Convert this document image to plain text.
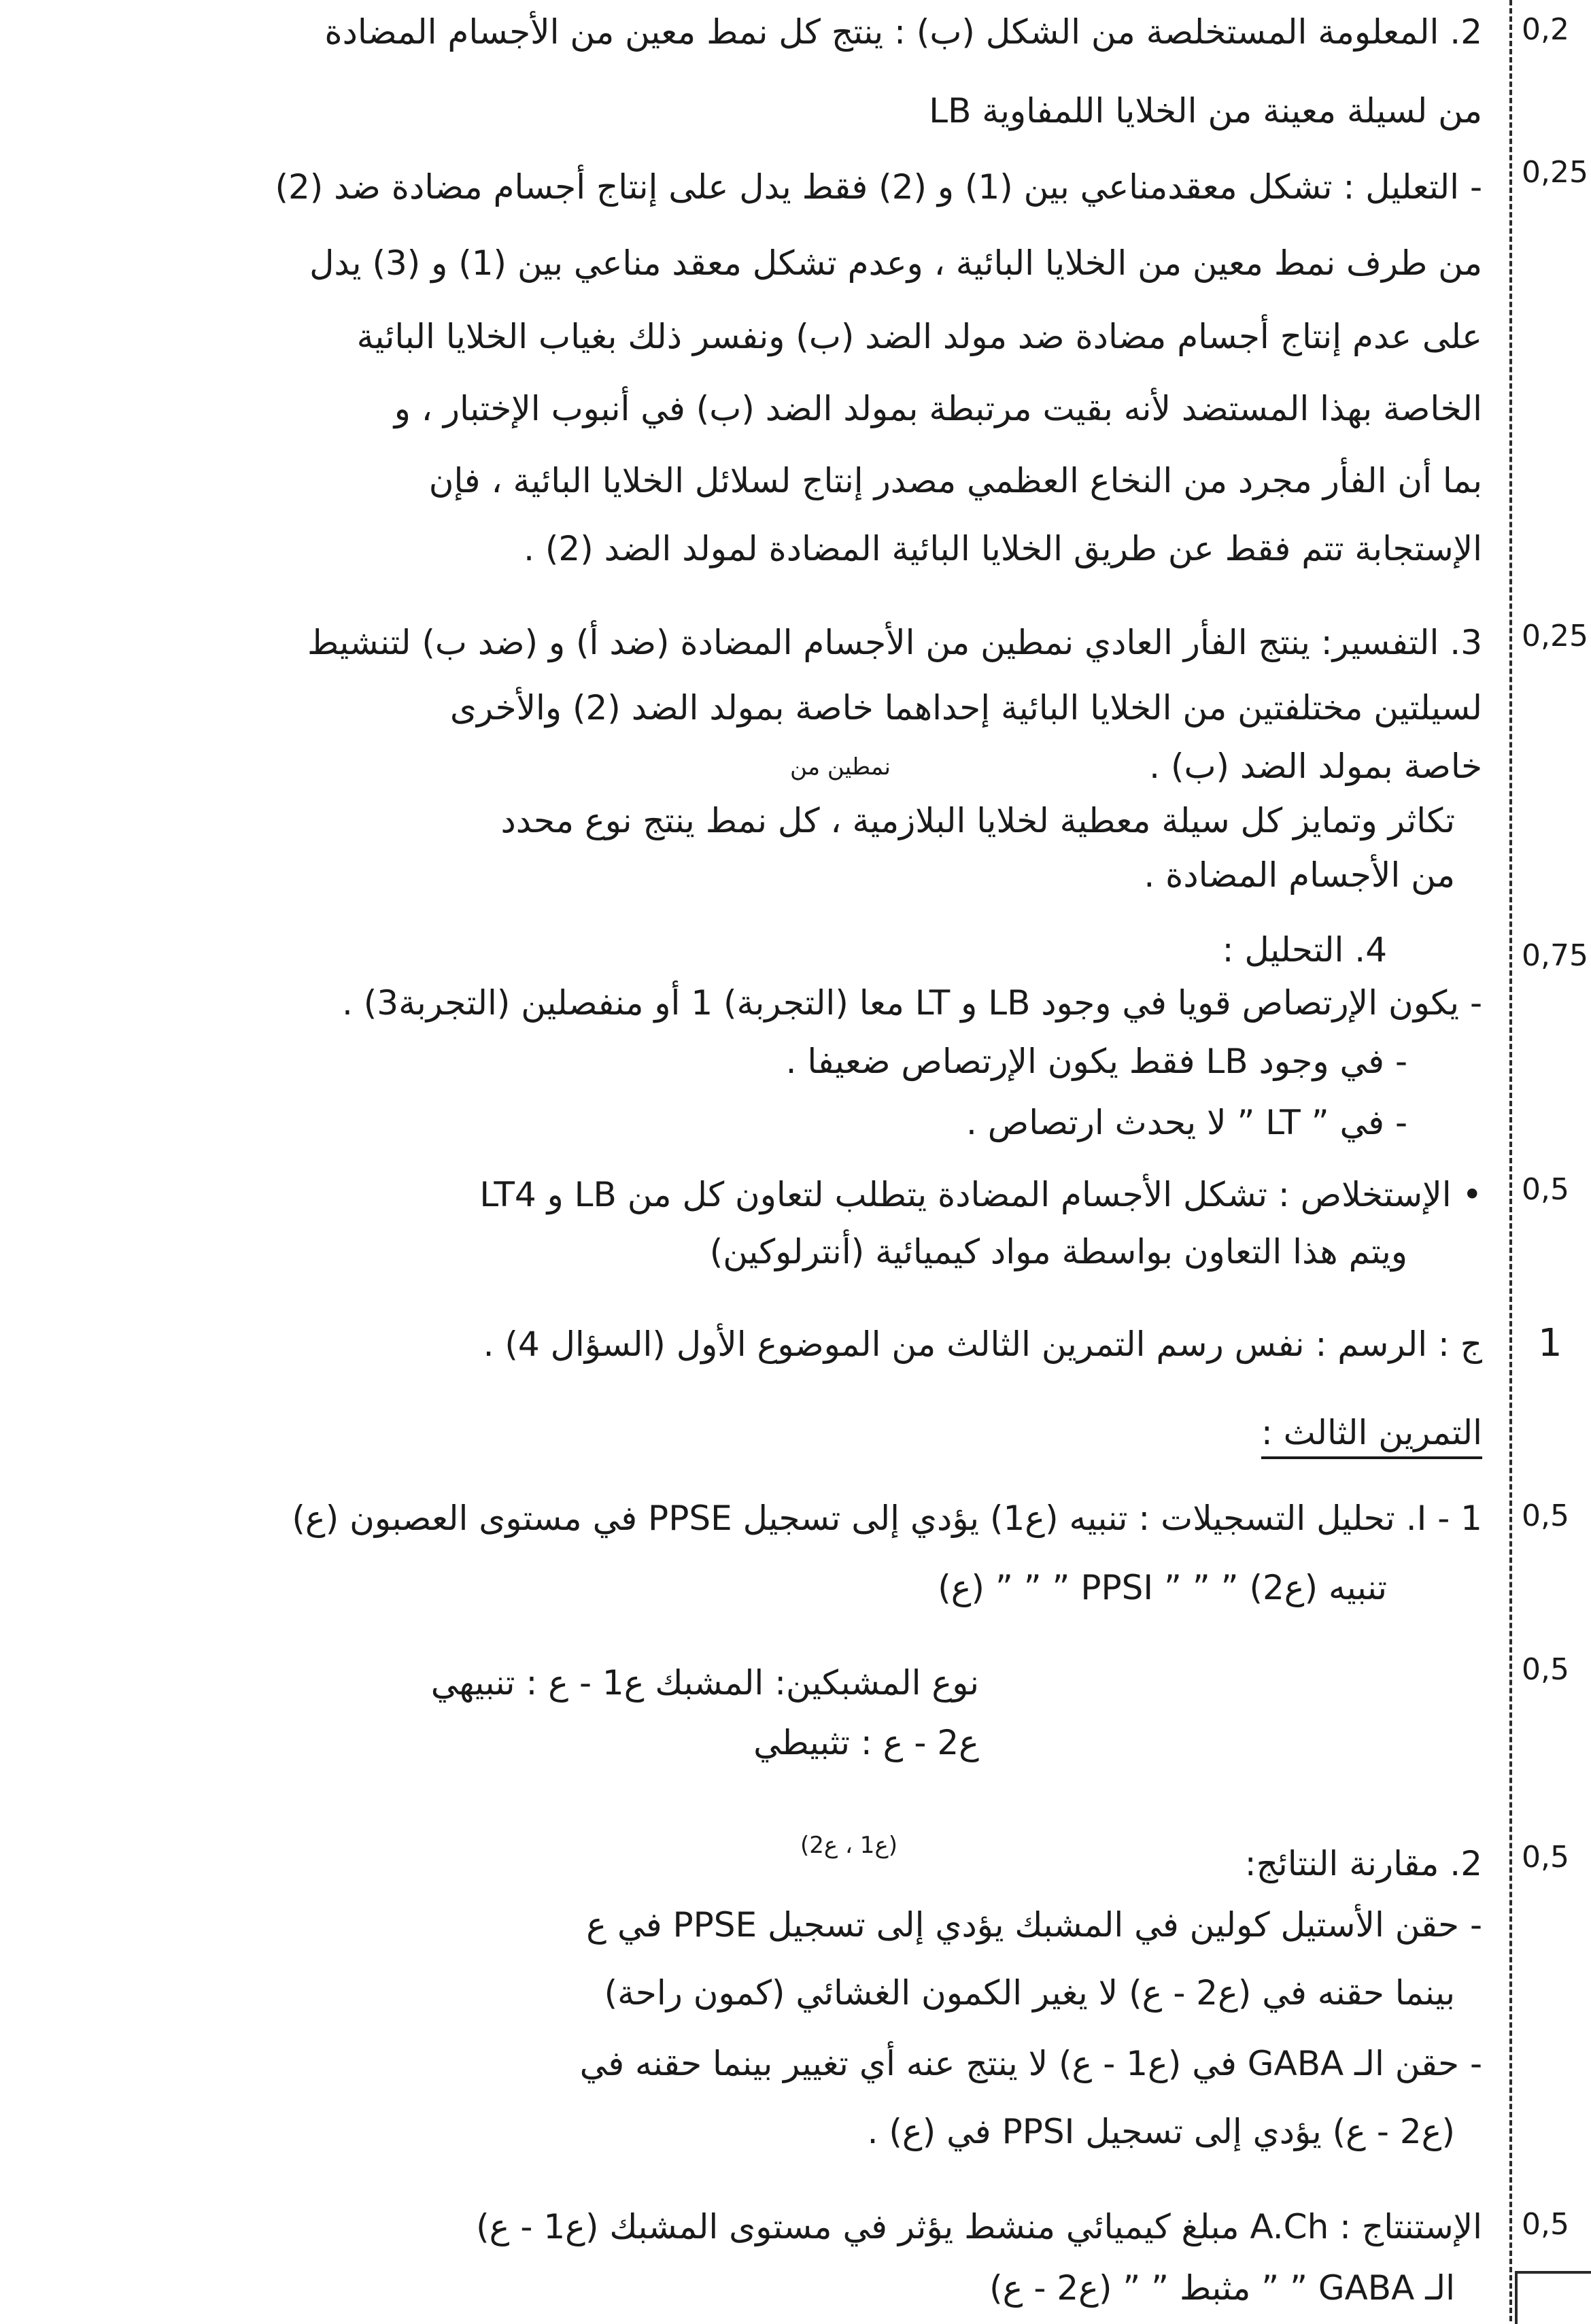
2. المعلومة المستخلصة من الشكل (ب) : ينتج كل نمط معين من الأجسام المضادة
من لسيلة معينة من الخلايا اللمفاوية LB
- التعليل : تشكل معقدمناعي بين (1) و (2) فقط يدل على إنتاج أجسام مضادة ضد (2)
من طرف نمط معين من الخلايا البائية ، وعدم تشكل معقد مناعي بين (1) و (3) يدل
على عدم إنتاج أجسام مضادة ضد مولد الضد (ب) ونفسر ذلك بغياب الخلايا البائية
الخاصة بهذا المستضد لأنه بقيت مرتبطة بمولد الضد (ب) في أنبوب الإختبار ، و
بما أن الفأر مجرد من النخاع العظمي مصدر إنتاج لسلائل الخلايا البائية ، فإن
الإستجابة تتم فقط عن طريق الخلايا البائية المضادة لمولد الضد (2) .
3. التفسير: ينتج الفأر العادي نمطين من الأجسام المضادة (ضد أ) و (ضد ب) لتنشيط
لسيلتين مختلفتين من الخلايا البائية إحداهما خاصة بمولد الضد (2) والأخرى
خاصة بمولد الضد (ب) .
نمطين من
تكاثر وتمايز كل سيلة معطية لخلايا البلازمية ، كل نمط ينتج نوع محدد
من الأجسام المضادة .
4. التحليل :
- يكون الإرتصاص قويا في وجود LB و LT معا (التجربة) 1 أو منفصلين (التجربة3) .
- في وجود LB فقط يكون الإرتصاص ضعيفا .
- في ” LT ” لا يحدث ارتصاص .
• الإستخلاص : تشكل الأجسام المضادة يتطلب لتعاون كل من LB و LT4
ويتم هذا التعاون بواسطة مواد كيميائية (أنترلوكين)
ج : الرسم : نفس رسم التمرين الثالث من الموضوع الأول (السؤال 4) .
التمرين الثالث :
I - 1. تحليل التسجيلات : تنبيه (ع1) يؤدي إلى تسجيل PPSE في مستوى العصبون (ع)
تنبيه (ع2) ” ” ” PPSI ” ” ” (ع)
نوع المشبكين: المشبك ع1 - ع : تنبيهي
ع2 - ع : تثبيطي
(ع1 ، ع2)	2. مقارنة النتائج:
- حقن الأستيل كولين في المشبك يؤدي إلى تسجيل PPSE في ع
بينما حقنه في (ع2 - ع) لا يغير الكمون الغشائي (كمون راحة)
- حقن الـ GABA في (ع1 - ع) لا ينتج عنه أي تغيير بينما حقنه في
(ع2 - ع) يؤدي إلى تسجيل PPSI في (ع) .
الإستنتاج : A.Ch مبلغ كيميائي منشط يؤثر في مستوى المشبك (ع1 - ع)
الـ GABA ” ” مثبط ” ” (ع2 - ع)
0,2
0,25
0,25
0,75
0,5
1
0,5
0,5
0,5
0,5
